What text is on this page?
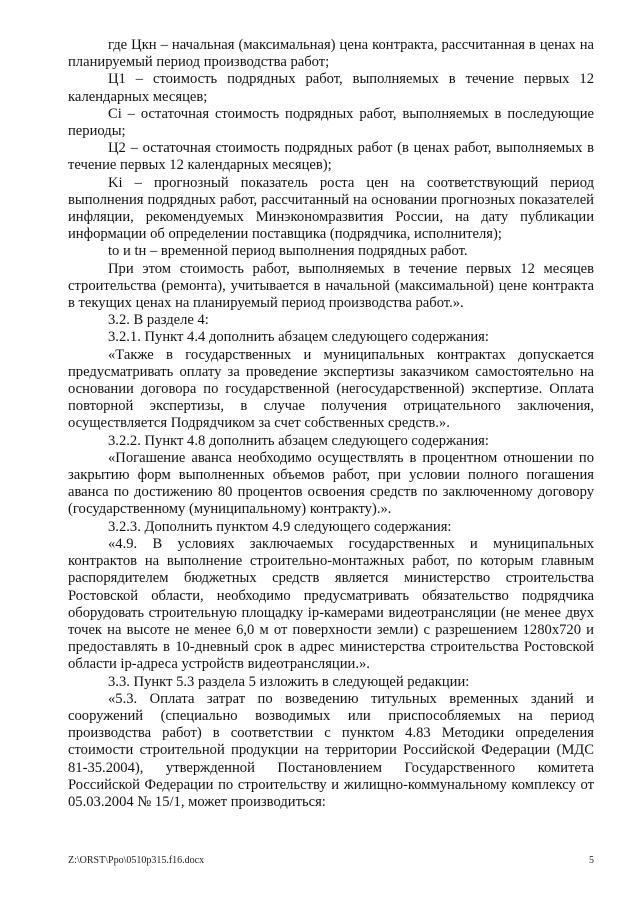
где Цкн – начальная (максимальная) цена контракта, рассчитанная в ценах на планируемый период производства работ;

Ц1 – стоимость подрядных работ, выполняемых в течение первых 12 календарных месяцев;

Ci – остаточная стоимость подрядных работ, выполняемых в последующие периоды;

Ц2 – остаточная стоимость подрядных работ (в ценах работ, выполняемых в течение первых 12 календарных месяцев);

Ki – прогнозный показатель роста цен на соответствующий период выполнения подрядных работ, рассчитанный на основании прогнозных показателей инфляции, рекомендуемых Минэкономразвития России, на дату публикации информации об определении поставщика (подрядчика, исполнителя);

to и tн – временной период выполнения подрядных работ.

При этом стоимость работ, выполняемых в течение первых 12 месяцев строительства (ремонта), учитывается в начальной (максимальной) цене контракта в текущих ценах на планируемый период производства работ.».

3.2. В разделе 4:

3.2.1. Пункт 4.4 дополнить абзацем следующего содержания:

«Также в государственных и муниципальных контрактах допускается предусматривать оплату за проведение экспертизы заказчиком самостоятельно на основании договора по государственной (негосударственной) экспертизе. Оплата повторной экспертизы, в случае получения отрицательного заключения, осуществляется Подрядчиком за счет собственных средств.».

3.2.2. Пункт 4.8 дополнить абзацем следующего содержания:

«Погашение аванса необходимо осуществлять в процентном отношении по закрытию форм выполненных объемов работ, при условии полного погашения аванса по достижению 80 процентов освоения средств по заключенному договору (государственному (муниципальному) контракту).».

3.2.3. Дополнить пунктом 4.9 следующего содержания:

«4.9. В условиях заключаемых государственных и муниципальных контрактов на выполнение строительно-монтажных работ, по которым главным распорядителем бюджетных средств является министерство строительства Ростовской области, необходимо предусматривать обязательство подрядчика оборудовать строительную площадку ip-камерами видеотрансляции (не менее двух точек на высоте не менее 6,0 м от поверхности земли) с разрешением 1280x720 и предоставлять в 10-дневный срок в адрес министерства строительства Ростовской области ip-адреса устройств видеотрансляции.».

3.3. Пункт 5.3 раздела 5 изложить в следующей редакции:

«5.3. Оплата затрат по возведению титульных временных зданий и сооружений (специально возводимых или приспособляемых на период производства работ) в соответствии с пунктом 4.83 Методики определения стоимости строительной продукции на территории Российской Федерации (МДС 81-35.2004), утвержденной Постановлением Государственного комитета Российской Федерации по строительству и жилищно-коммунальному комплексу от 05.03.2004 № 15/1, может производиться:

Z:\ORST\Ppo\0510p315.f16.docx	5
